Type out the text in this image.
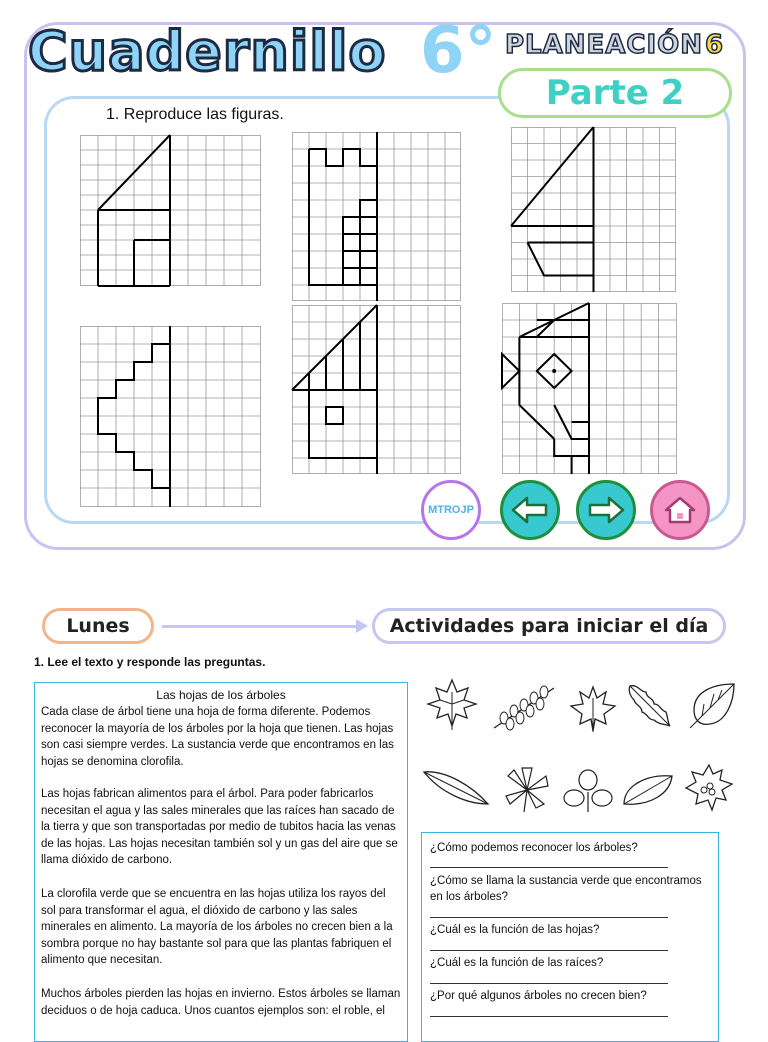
Cuadernillo 6° PLANEACIÓN 6
Parte 2
1. Reproduce las figuras.
MTROJP
Lunes	Actividades para iniciar el día
1. Lee el texto y responde las preguntas.
Las hojas de los árboles
Cada clase de árbol tiene una hoja de forma diferente. Podemos reconocer la mayoría de los árboles por la hoja que tienen. Las hojas son casi siempre verdes. La sustancia verde que encontramos en las hojas se denomina clorofila.
Las hojas fabrican alimentos para el árbol. Para poder fabricarlos necesitan el agua y las sales minerales que las raíces han sacado de la tierra y que son transportadas por medio de tubitos hacia las venas de las hojas. Las hojas necesitan también sol y un gas del aire que se llama dióxido de carbono.
La clorofila verde que se encuentra en las hojas utiliza los rayos del sol para transformar el agua, el dióxido de carbono y las sales minerales en alimento. La mayoría de los árboles no crecen bien a la sombra porque no hay bastante sol para que las plantas fabriquen el alimento que necesitan.
Muchos árboles pierden las hojas en invierno. Estos árboles se llaman deciduos o de hoja caduca. Unos cuantos ejemplos son: el roble, el
¿Cómo podemos reconocer los árboles?
¿Cómo se llama la sustancia verde que encontramos en los árboles?
¿Cuál es la función de las hojas?
¿Cuál es la función de las raíces?
¿Por qué algunos árboles no crecen bien?
